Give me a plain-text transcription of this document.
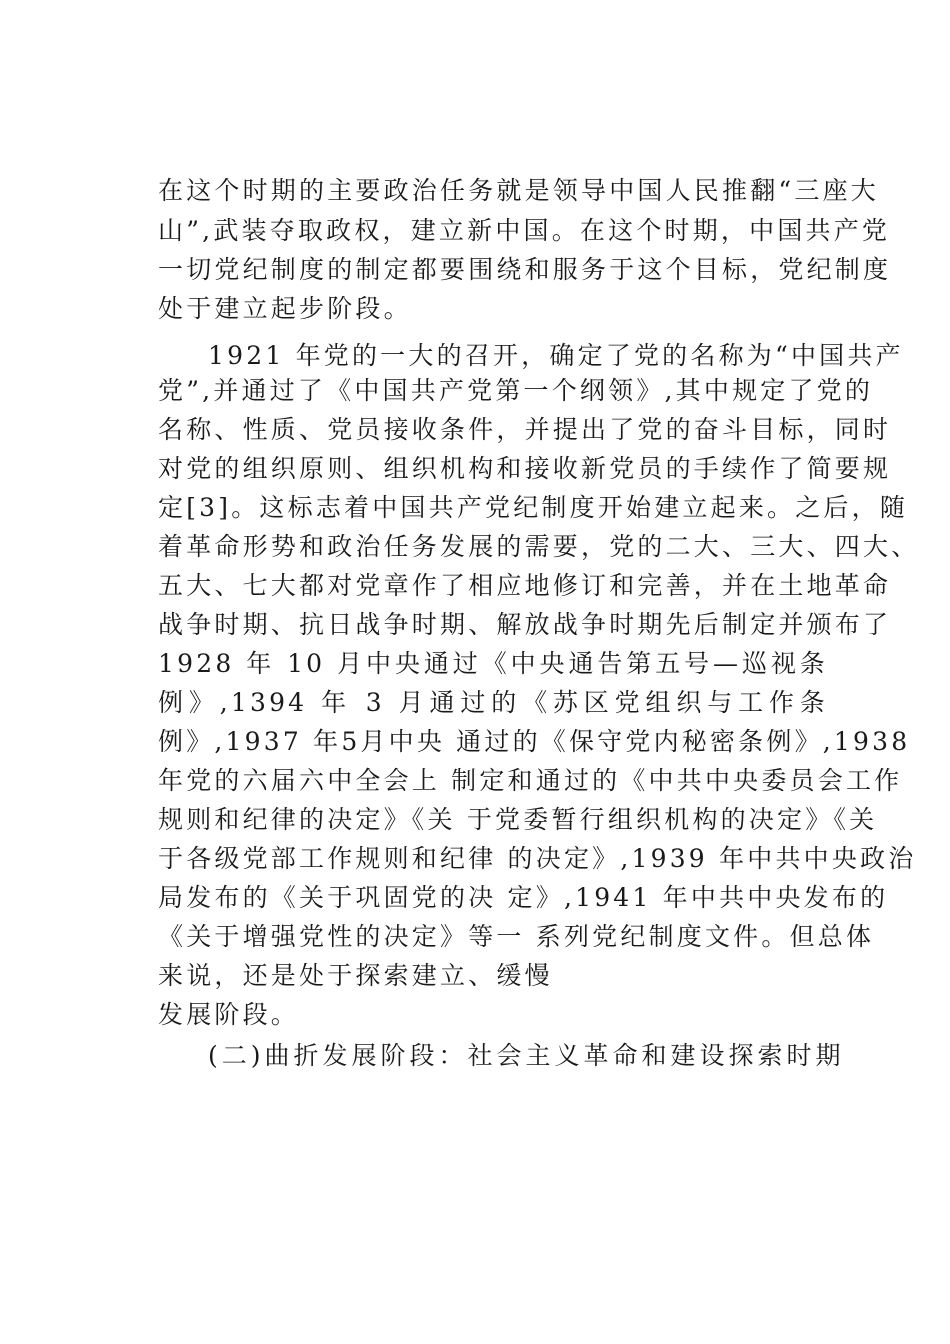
在这个时期的主要政治任务就是领导中国人民推翻“三座大
山”,武装夺取政权，建立新中国。在这个时期，中国共产党
一切党纪制度的制定都要围绕和服务于这个目标，党纪制度
处于建立起步阶段。
1921 年党的一大的召开，确定了党的名称为“中国共产
党”,并通过了《中国共产党第一个纲领》,其中规定了党的
名称、性质、党员接收条件，并提出了党的奋斗目标，同时
对党的组织原则、组织机构和接收新党员的手续作了简要规
定[3]。这标志着中国共产党纪制度开始建立起来。之后，随
着革命形势和政治任务发展的需要，党的二大、三大、四大、
五大、七大都对党章作了相应地修订和完善，并在土地革命
战争时期、抗日战争时期、解放战争时期先后制定并颁布了
1928 年 10 月中央通过《中央通告第五号—巡视条
例》,1394 年 3 月通过的《苏区党组织与工作条
例》,1937 年5月中央 通过的《保守党内秘密条例》,1938
年党的六届六中全会上 制定和通过的《中共中央委员会工作
规则和纪律的决定》《关 于党委暂行组织机构的决定》《关
于各级党部工作规则和纪律 的决定》,1939 年中共中央政治
局发布的《关于巩固党的决 定》,1941 年中共中央发布的
《关于增强党性的决定》等一 系列党纪制度文件。但总体
来说，还是处于探索建立、缓慢
发展阶段。
(二)曲折发展阶段：社会主义革命和建设探索时期
